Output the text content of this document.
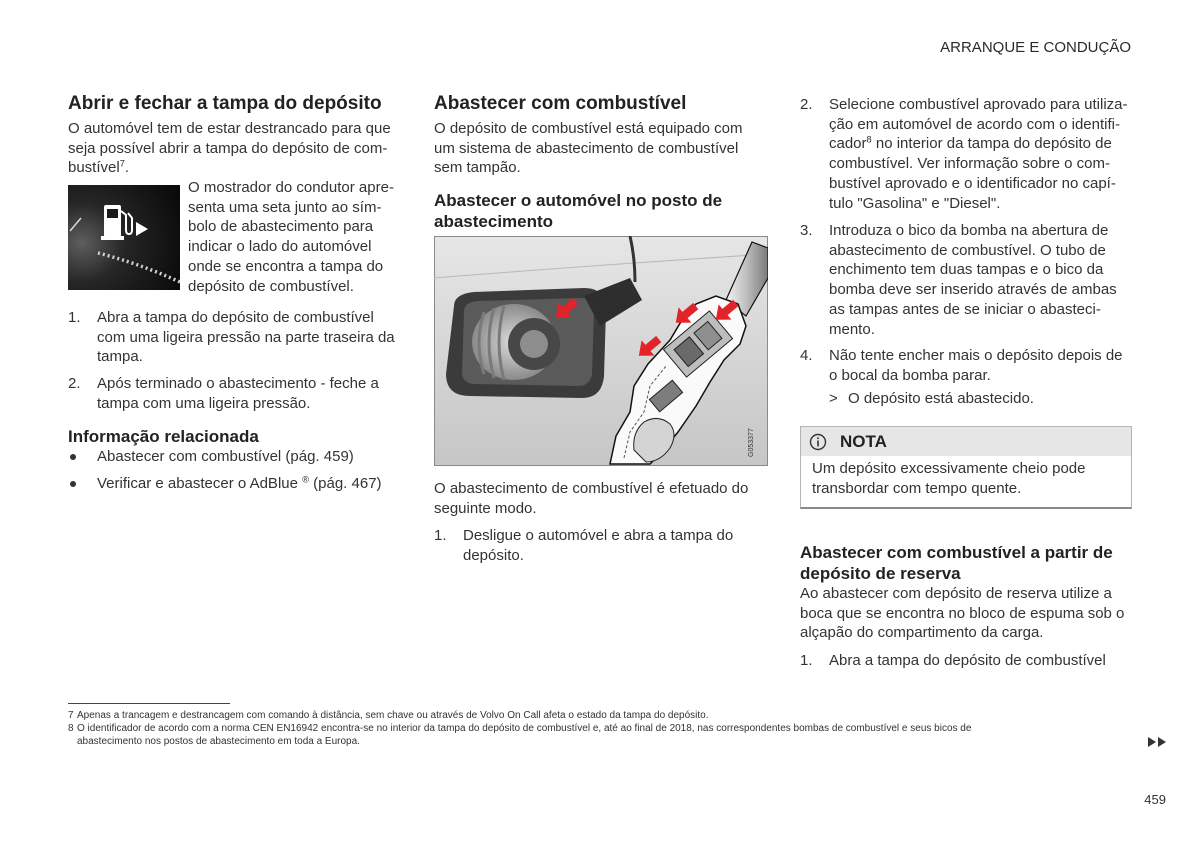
ARRANQUE E CONDUÇÃO
Abrir e fechar a tampa do depósito
O automóvel tem de estar destrancado para que
seja possível abrir a tampa do depósito de com-
bustível$^7$.
O mostrador do condutor apre-
senta uma seta junto ao sím-
bolo de abastecimento para
indicar o lado do automóvel
onde se encontra a tampa do
depósito de combustível.
1.	Abra a tampa do depósito de combustível
com uma ligeira pressão na parte traseira da
tampa.
2.	Após terminado o abastecimento - feche a
tampa com uma ligeira pressão.
Informação relacionada
Abastecer com combustível (pág. 459)
Verificar e abastecer o AdBlue ® (pág. 467)
Abastecer com combustível
O depósito de combustível está equipado com
um sistema de abastecimento de combustível
sem tampão.
Abastecer o automóvel no posto de
abastecimento
G053377
O abastecimento de combustível é efetuado do
seguinte modo.
1.	Desligue o automóvel e abra a tampa do
depósito.
2.	Selecione combustível aprovado para utiliza-
ção em automóvel de acordo com o identifi-
cador$^8$ no interior da tampa do depósito de
combustível. Ver informação sobre o com-
bustível aprovado e o identificador no capí-
tulo "Gasolina" e "Diesel".
3.	Introduza o bico da bomba na abertura de
abastecimento de combustível. O tubo de
enchimento tem duas tampas e o bico da
bomba deve ser inserido através de ambas
as tampas antes de se iniciar o abasteci-
mento.
4.	Não tente encher mais o depósito depois de
o bocal da bomba parar.
> O depósito está abastecido.
NOTA
Um depósito excessivamente cheio pode
transbordar com tempo quente.
Abastecer com combustível a partir de
depósito de reserva
Ao abastecer com depósito de reserva utilize a
boca que se encontra no bloco de espuma sob o
alçapão do compartimento da carga.
1.	Abra a tampa do depósito de combustível
7 Apenas a trancagem e destrancagem com comando à distância, sem chave ou através de Volvo On Call afeta o estado da tampa do depósito.
8 O identificador de acordo com a norma CEN EN16942 encontra-se no interior da tampa do depósito de combustível e, até ao final de 2018, nas correspondentes bombas de combustível e seus bicos de
abastecimento nos postos de abastecimento em toda a Europa.
459
